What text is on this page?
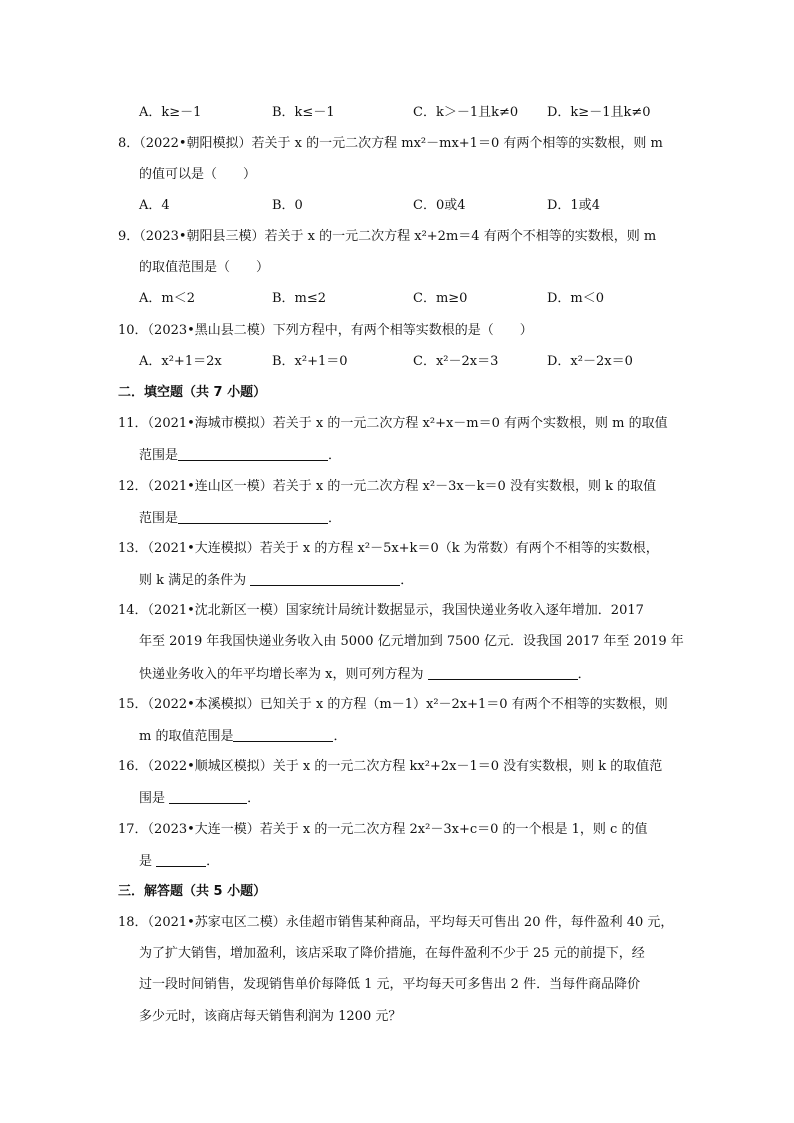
A．k≥－1	B．k≤－1	C．k＞－1且k≠0 D．k≥－1且k≠0
8．（2022•朝阳模拟）若关于 x 的一元二次方程 mx²－mx+1＝0 有两个相等的实数根，则 m
的值可以是（　　）
A．4	B．0	C．0或4	D．1或4
9．（2023•朝阳县三模）若关于 x 的一元二次方程 x²+2m＝4 有两个不相等的实数根，则 m
的取值范围是（　　）
A．m＜2	B．m≤2	C．m≥0	D．m＜0
10．（2023•黑山县二模）下列方程中，有两个相等实数根的是（　　）
A．x²+1＝2x	B．x²+1＝0	C．x²－2x＝3	D．x²－2x＝0
二．填空题（共 7 小题）
11．（2021•海城市模拟）若关于 x 的一元二次方程 x²+x－m＝0 有两个实数根，则 m 的取值
范围是	．
12．（2021•连山区一模）若关于 x 的一元二次方程 x²－3x－k＝0 没有实数根，则 k 的取值
范围是	．
13．（2021•大连模拟）若关于 x 的方程 x²－5x+k＝0（k 为常数）有两个不相等的实数根，
则 k 满足的条件为	．
14．（2021•沈北新区一模）国家统计局统计数据显示，我国快递业务收入逐年增加．2017
年至 2019 年我国快递业务收入由 5000 亿元增加到 7500 亿元．设我国 2017 年至 2019 年
快递业务收入的年平均增长率为 x，则可列方程为	．
15．（2022•本溪模拟）已知关于 x 的方程（m－1）x²－2x+1＝0 有两个不相等的实数根，则
m 的取值范围是	．
16．（2022•顺城区模拟）关于 x 的一元二次方程 kx²+2x－1＝0 没有实数根，则 k 的取值范
围是	．
17．（2023•大连一模）若关于 x 的一元二次方程 2x²－3x+c＝0 的一个根是 1，则 c 的值
是	．
三．解答题（共 5 小题）
18．（2021•苏家屯区二模）永佳超市销售某种商品，平均每天可售出 20 件，每件盈利 40 元，
为了扩大销售，增加盈利，该店采取了降价措施，在每件盈利不少于 25 元的前提下，经
过一段时间销售，发现销售单价每降低 1 元，平均每天可多售出 2 件．当每件商品降价
多少元时，该商店每天销售利润为 1200 元？
